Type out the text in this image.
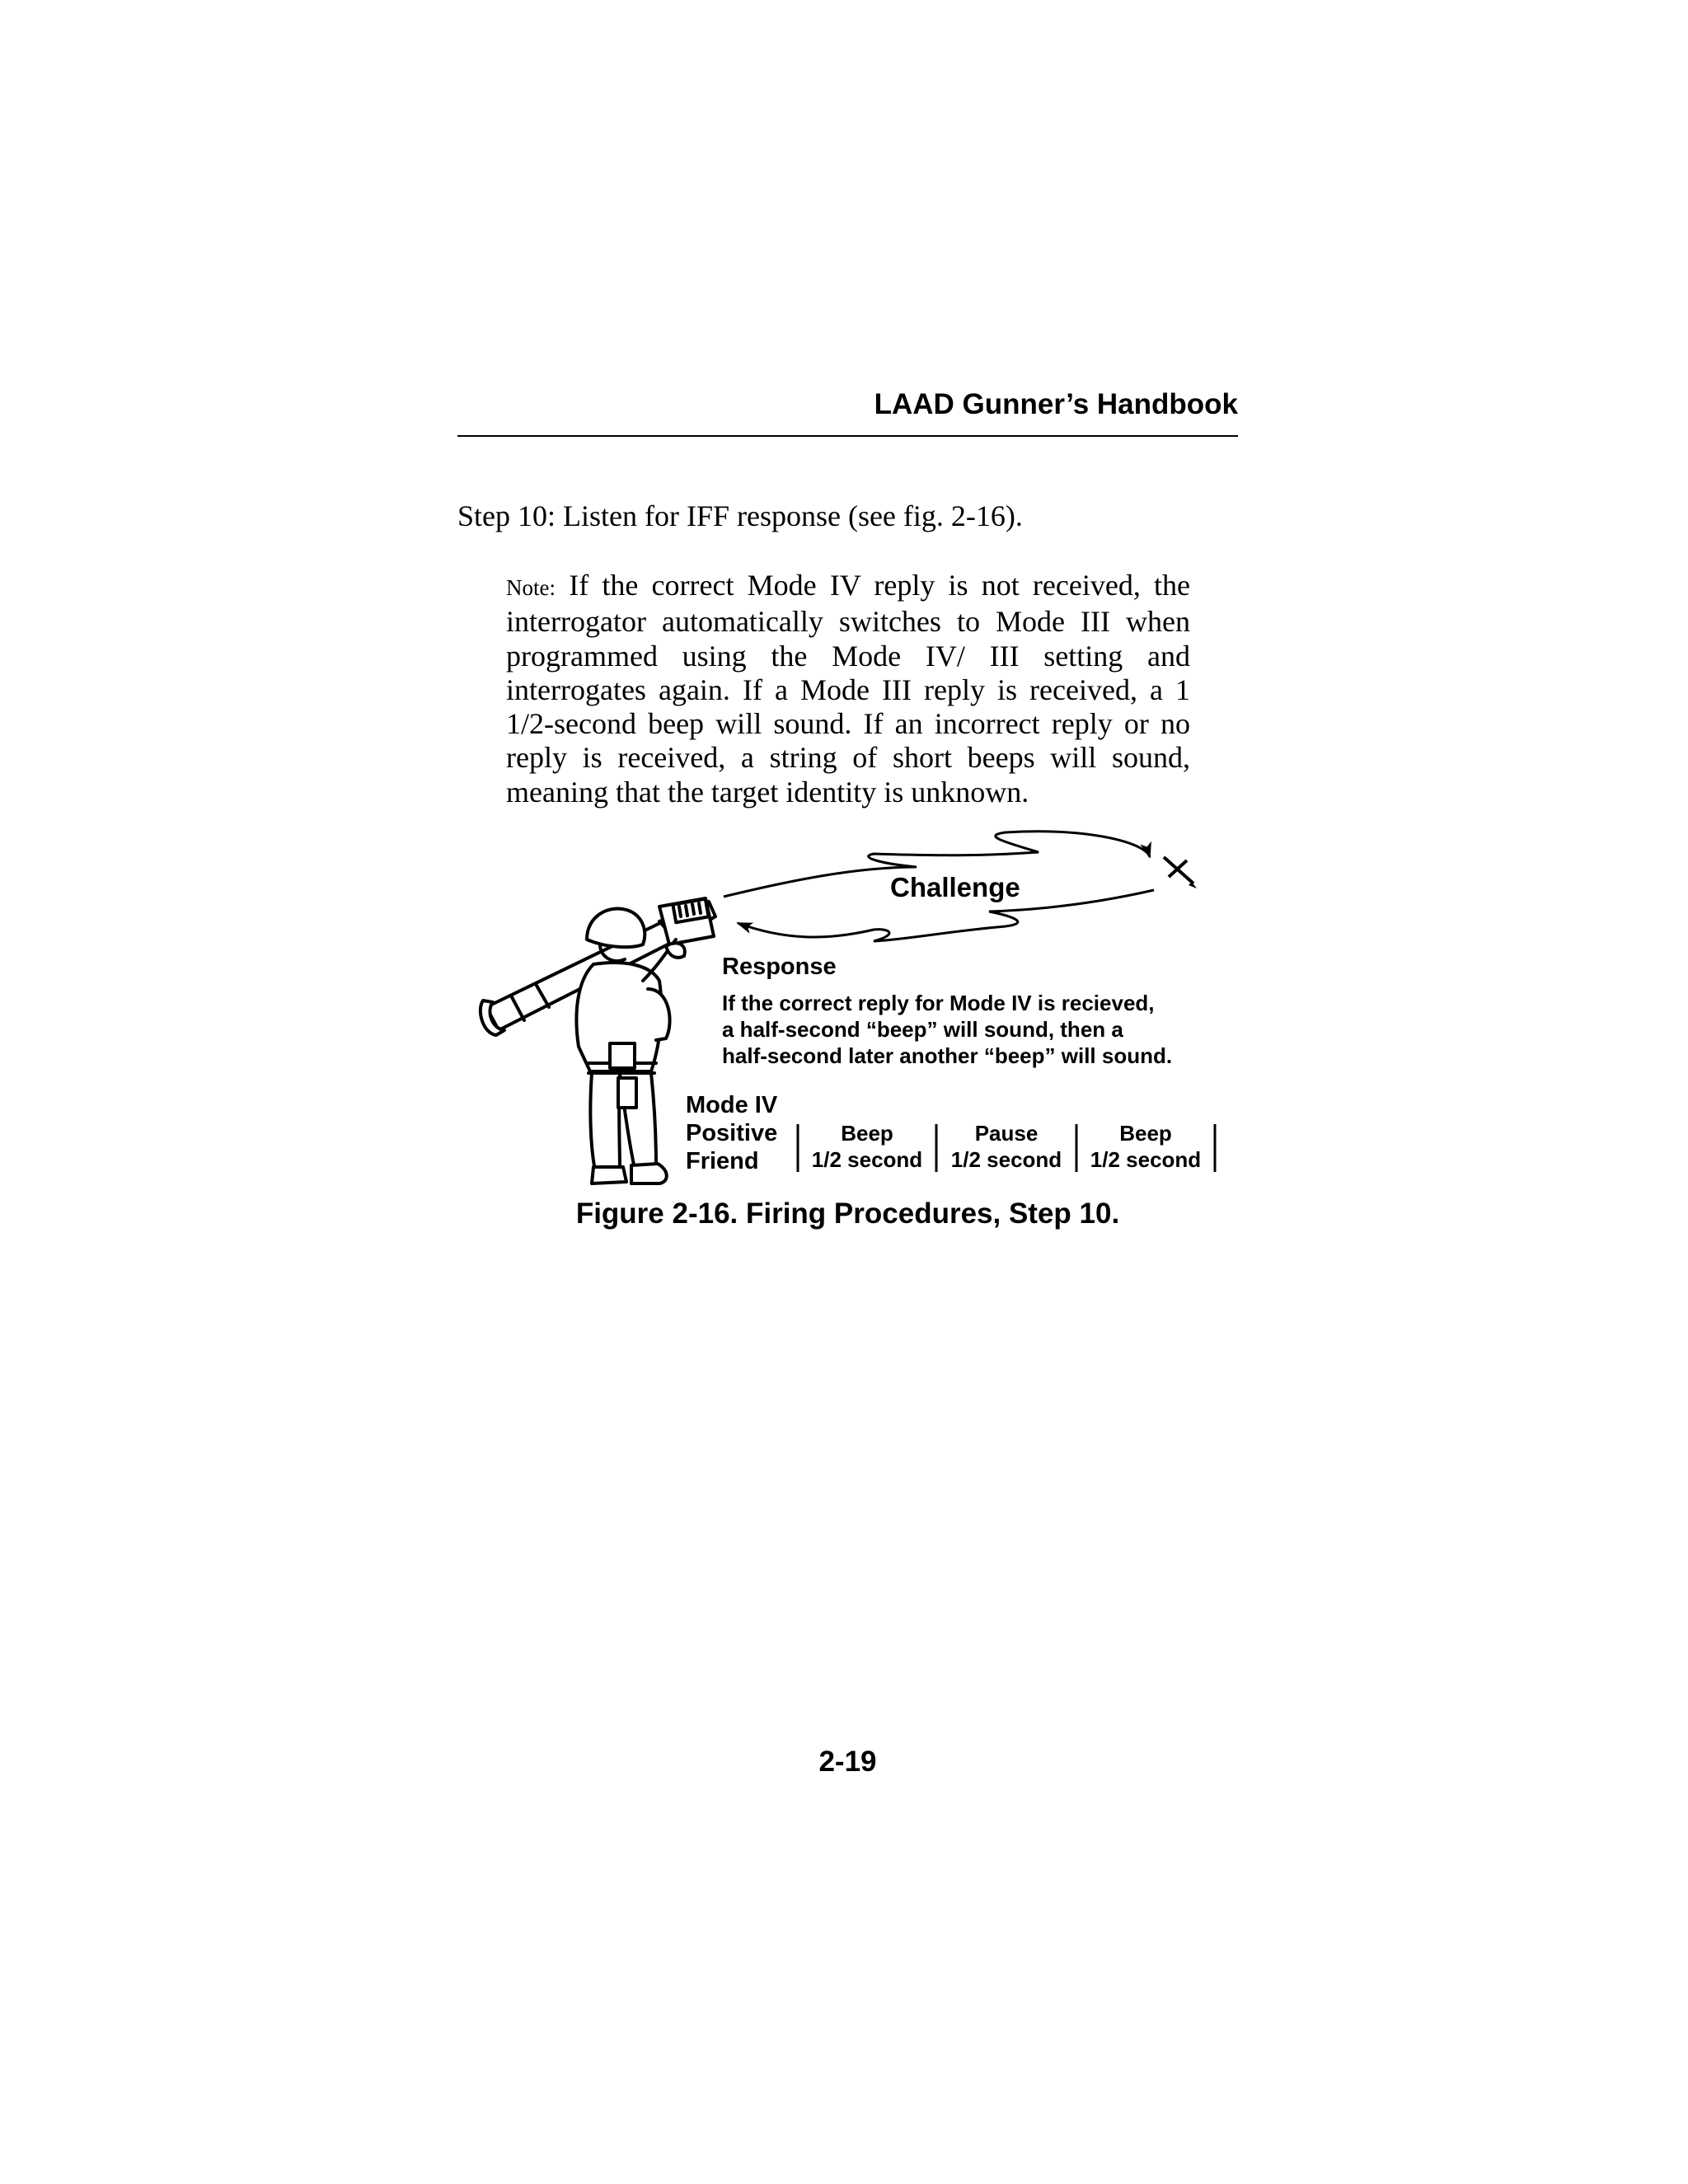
LAAD Gunner’s Handbook
Step 10: Listen for IFF response (see fig. 2-16).
Note: If the correct Mode IV reply is not received, the interrogator automatically switches to Mode III when programmed using the Mode IV/ III setting and interrogates again. If a Mode III reply is received, a 1 1/2-second beep will sound. If an incorrect reply or no reply is received, a string of short beeps will sound, meaning that the target identity is unknown.
Challenge
Response
If the correct reply for Mode IV is recieved,
a half-second “beep” will sound, then a
half-second later another “beep” will sound.
Mode IV
Positive
Friend
Beep
1/2 second
Pause
1/2 second
Beep
1/2 second
Figure 2-16. Firing Procedures, Step 10.
2-19
